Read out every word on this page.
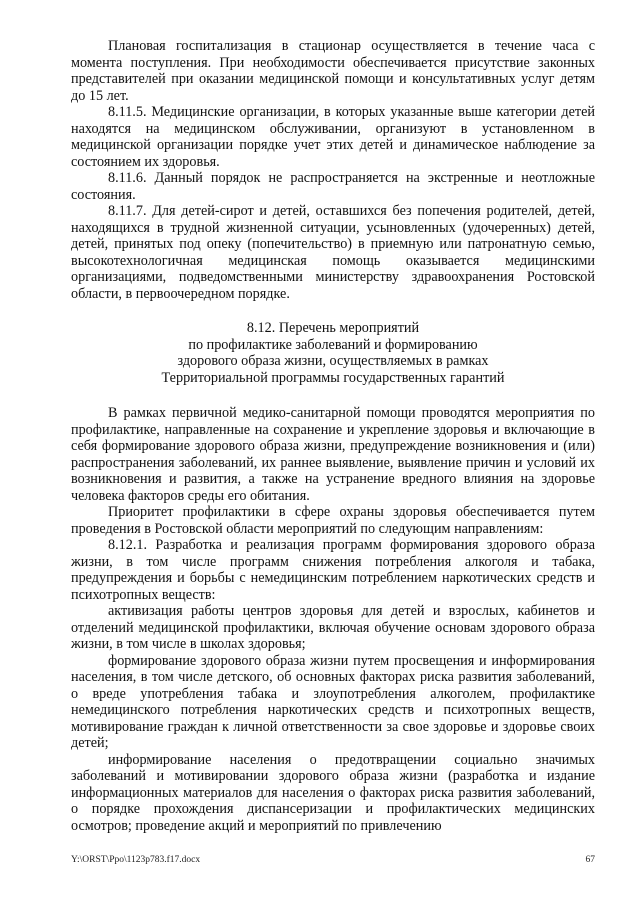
Плановая госпитализация в стационар осуществляется в течение часа с момента поступления. При необходимости обеспечивается присутствие законных представителей при оказании медицинской помощи и консультативных услуг детям до 15 лет.

8.11.5. Медицинские организации, в которых указанные выше категории детей находятся на медицинском обслуживании, организуют в установленном в медицинской организации порядке учет этих детей и динамическое наблюдение за состоянием их здоровья.

8.11.6. Данный порядок не распространяется на экстренные и неотложные состояния.

8.11.7. Для детей-сирот и детей, оставшихся без попечения родителей, детей, находящихся в трудной жизненной ситуации, усыновленных (удочеренных) детей, детей, принятых под опеку (попечительство) в приемную или патронатную семью, высокотехнологичная медицинская помощь оказывается медицинскими организациями, подведомственными министерству здравоохранения Ростовской области, в первоочередном порядке.

8.12. Перечень мероприятий
по профилактике заболеваний и формированию
здорового образа жизни, осуществляемых в рамках
Территориальной программы государственных гарантий

В рамках первичной медико-санитарной помощи проводятся мероприятия по профилактике, направленные на сохранение и укрепление здоровья и включающие в себя формирование здорового образа жизни, предупреждение возникновения и (или) распространения заболеваний, их раннее выявление, выявление причин и условий их возникновения и развития, а также на устранение вредного влияния на здоровье человека факторов среды его обитания.

Приоритет профилактики в сфере охраны здоровья обеспечивается путем проведения в Ростовской области мероприятий по следующим направлениям:

8.12.1. Разработка и реализация программ формирования здорового образа жизни, в том числе программ снижения потребления алкоголя и табака, предупреждения и борьбы с немедицинским потреблением наркотических средств и психотропных веществ:

активизация работы центров здоровья для детей и взрослых, кабинетов и отделений медицинской профилактики, включая обучение основам здорового образа жизни, в том числе в школах здоровья;

формирование здорового образа жизни путем просвещения и информирования населения, в том числе детского, об основных факторах риска развития заболеваний, о вреде употребления табака и злоупотребления алкоголем, профилактике немедицинского потребления наркотических средств и психотропных веществ, мотивирование граждан к личной ответственности за свое здоровье и здоровье своих детей;

информирование населения о предотвращении социально значимых заболеваний и мотивировании здорового образа жизни (разработка и издание информационных материалов для населения о факторах риска развития заболеваний, о порядке прохождения диспансеризации и профилактических медицинских осмотров; проведение акций и мероприятий по привлечению

Y:\ORST\Ppo\1123p783.f17.docx	67
